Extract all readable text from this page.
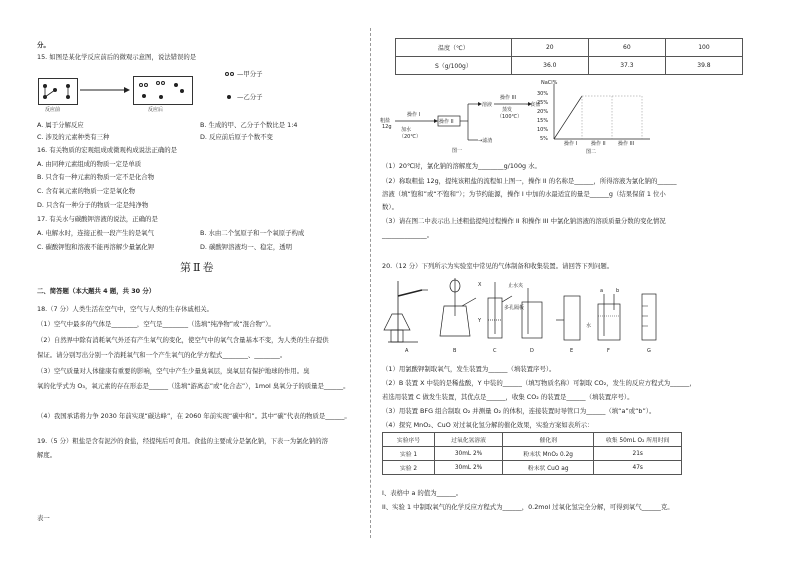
分。
15. 如图是某化学反应前后的微观示意图，说法错误的是
反应前	反应后
—甲分子
—乙分子
A. 属于分解反应	B. 生成的甲、乙分子个数比是 1:4
C. 涉及的元素种类有三种	D. 反应前后原子个数不变
16. 有关物质的宏观组成或微观构成说法正确的是
A. 由同种元素组成的物质一定是单质
B. 只含有一种元素的物质一定不是化合物
C. 含有氧元素的物质一定是氧化物
D. 只含有一种分子的物质一定是纯净物
17. 有关水与碳酸钾溶液的说法，正确的是
A. 电解水时，连接正极一段产生的是氧气	B. 水由二个氢原子和一个氧原子构成
C. 碳酸钾饱和溶液不能再溶解少量氯化钾	D. 碳酸钾溶液均一、稳定，透明
第Ⅱ卷
二、简答题（本大题共 4 题，共 30 分）
18.（7 分）人类生活在空气中，空气与人类的生存休戚相关。
（1）空气中最多的气体是________，空气是________（选填“纯净物”或“混合物”）。
（2）自然界中除有消耗氧气外还有产生氧气的变化，使空气中的氧气含量基本不变，为人类的生存提供
保证。请分别写出分别一个消耗氧气和一个产生氧气的化学方程式________、________。
（3）空气质量对人体健康有重要的影响，空气中产生少量臭氧层，臭氧层有保护地球的作用。臭
氧的化学式为 O₃，氧元素的存在形态是______（选填“游离态”或“化合态”），1mol 臭氧分子的质量是______。
（4）我国承诺将力争 2030 年前实现“碳达峰”，在 2060 年前实现“碳中和”。其中“碳”代表的物质是______。
19.（5 分）粗盐是含有泥沙的食盐，经提纯后可食用。食盐的主要成分是氯化钠，下表一为氯化钠的溶
解度。
表一
温度（℃）	20	60	100
S（g/100g）	36.0	37.3	39.8
粗盐
12g
操作 I
加水
（20℃）
操作 II
溶液
操作 III
蒸发
（100℃）
→食盐
→滤渣
图一
NaCl%
30%
25%
20%
15%
10%
5%
操作 I	操作 II 操作 III
图二
（1）20℃时，氯化钠的溶解度为________g/100g 水。
（2）称取粗盐 12g，提纯该粗盐的流程如上图一，操作 II 的名称是______，所得溶液为氯化钠的______
溶液（填“饱和”或“不饱和”）；为节约能源，操作 I 中加的水最适宜的量是______g（结果保留 1 位小
数）。
（3）请在图二中表示出上述粗盐提纯过程操作 II 和操作 III 中氯化钠溶液的溶质质量分数的变化情况
______________。
20.（12 分）下列所示为实验室中常见的气体制备和收集装置。请回答下列问题。
X
Y
止水夹
多孔隔板
水
a	b
A	B	C	D	E	F	G
（1）用氯酸钾制取氧气，发生装置为______（填装置序号）。
（2）B 装置 X 中装的是稀盐酸，Y 中装的______（填写物质名称）可制取 CO₂，发生的反应方程式为______，
若选用装置 C 做发生装置，其优点是______，收集 CO₂ 的装置是______（填装置序号）。
（3）用装置 BFG 组合制取 O₂ 并测量 O₂ 的体积，连接装置时导管口为______（填“a”或“b”）。
（4）探究 MnO₂、CuO 对过氧化氢分解的催化效果，实验方案如表所示：
实验序号	过氧化氢溶液	催化剂	收集 50mL O₂ 所用时间
实验 1	30mL 2%	粉末状 MnO₂ 0.2g	21s
实验 2	30mL 2%	粉末状 CuO ag	47s
I、表格中 a 的值为______。
II、实验 1 中制取氧气的化学反应方程式为______，0.2mol 过氧化氢完全分解，可得到氧气______克。
